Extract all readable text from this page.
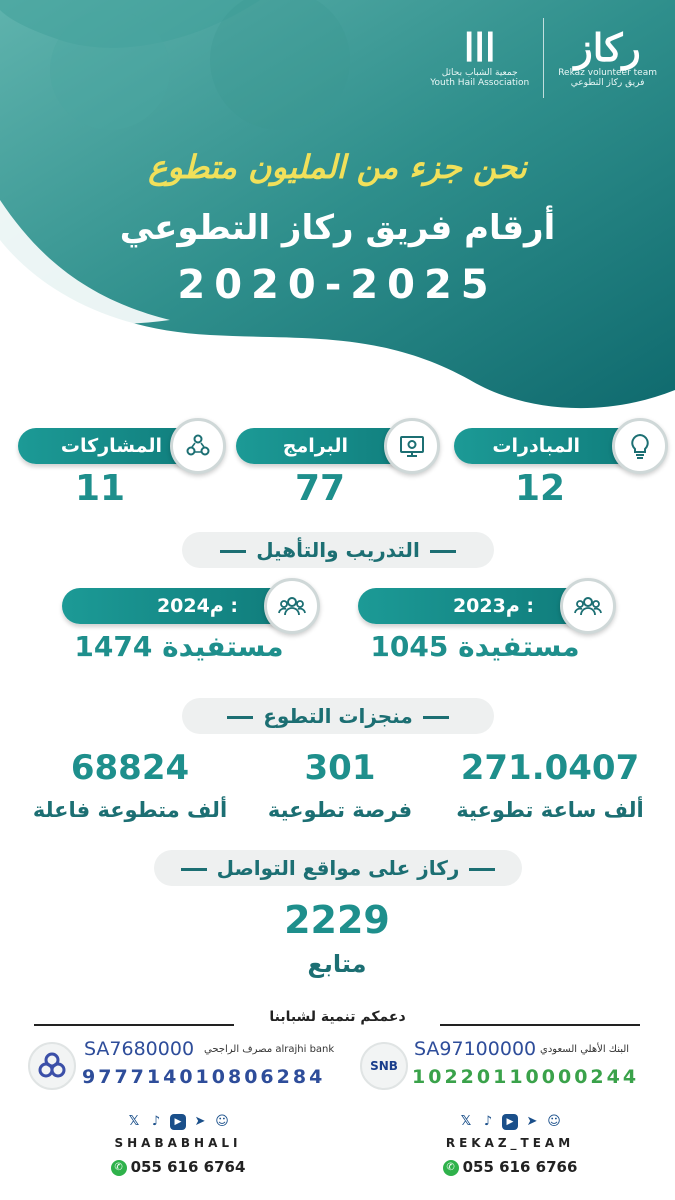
ااا
جمعية الشباب بحائل
Youth Hail Association
ركاز
Rekaz volunteer team
فريق ركاز التطوعي
نحن جزء من المليون متطوع
أرقام فريق ركاز التطوعي
2020-2025
المبادرات
البرامج
المشاركات
12
77
11
التدريب والتأهيل
2023م :
2024م :
1045 مستفيدة
1474 مستفيدة
منجزات التطوع
271.0407
301
68824
ألف ساعة تطوعية
فرصة تطوعية
ألف متطوعة فاعلة
ركاز على مواقع التواصل
2229
متابع
دعمكم تنمية لشبابنا
SNB
SA97100000 البنك الأهلي السعودي
10220110000244
SA7680000 مصرف الراجحي alrajhi bank
977714010806284
𝕏 ♪	▶	➤ ☺
REKAZ_TEAM
𝕏 ♪	▶	➤ ☺
SHABABHALI
✆ 055 616 6766
✆ 055 616 6764
